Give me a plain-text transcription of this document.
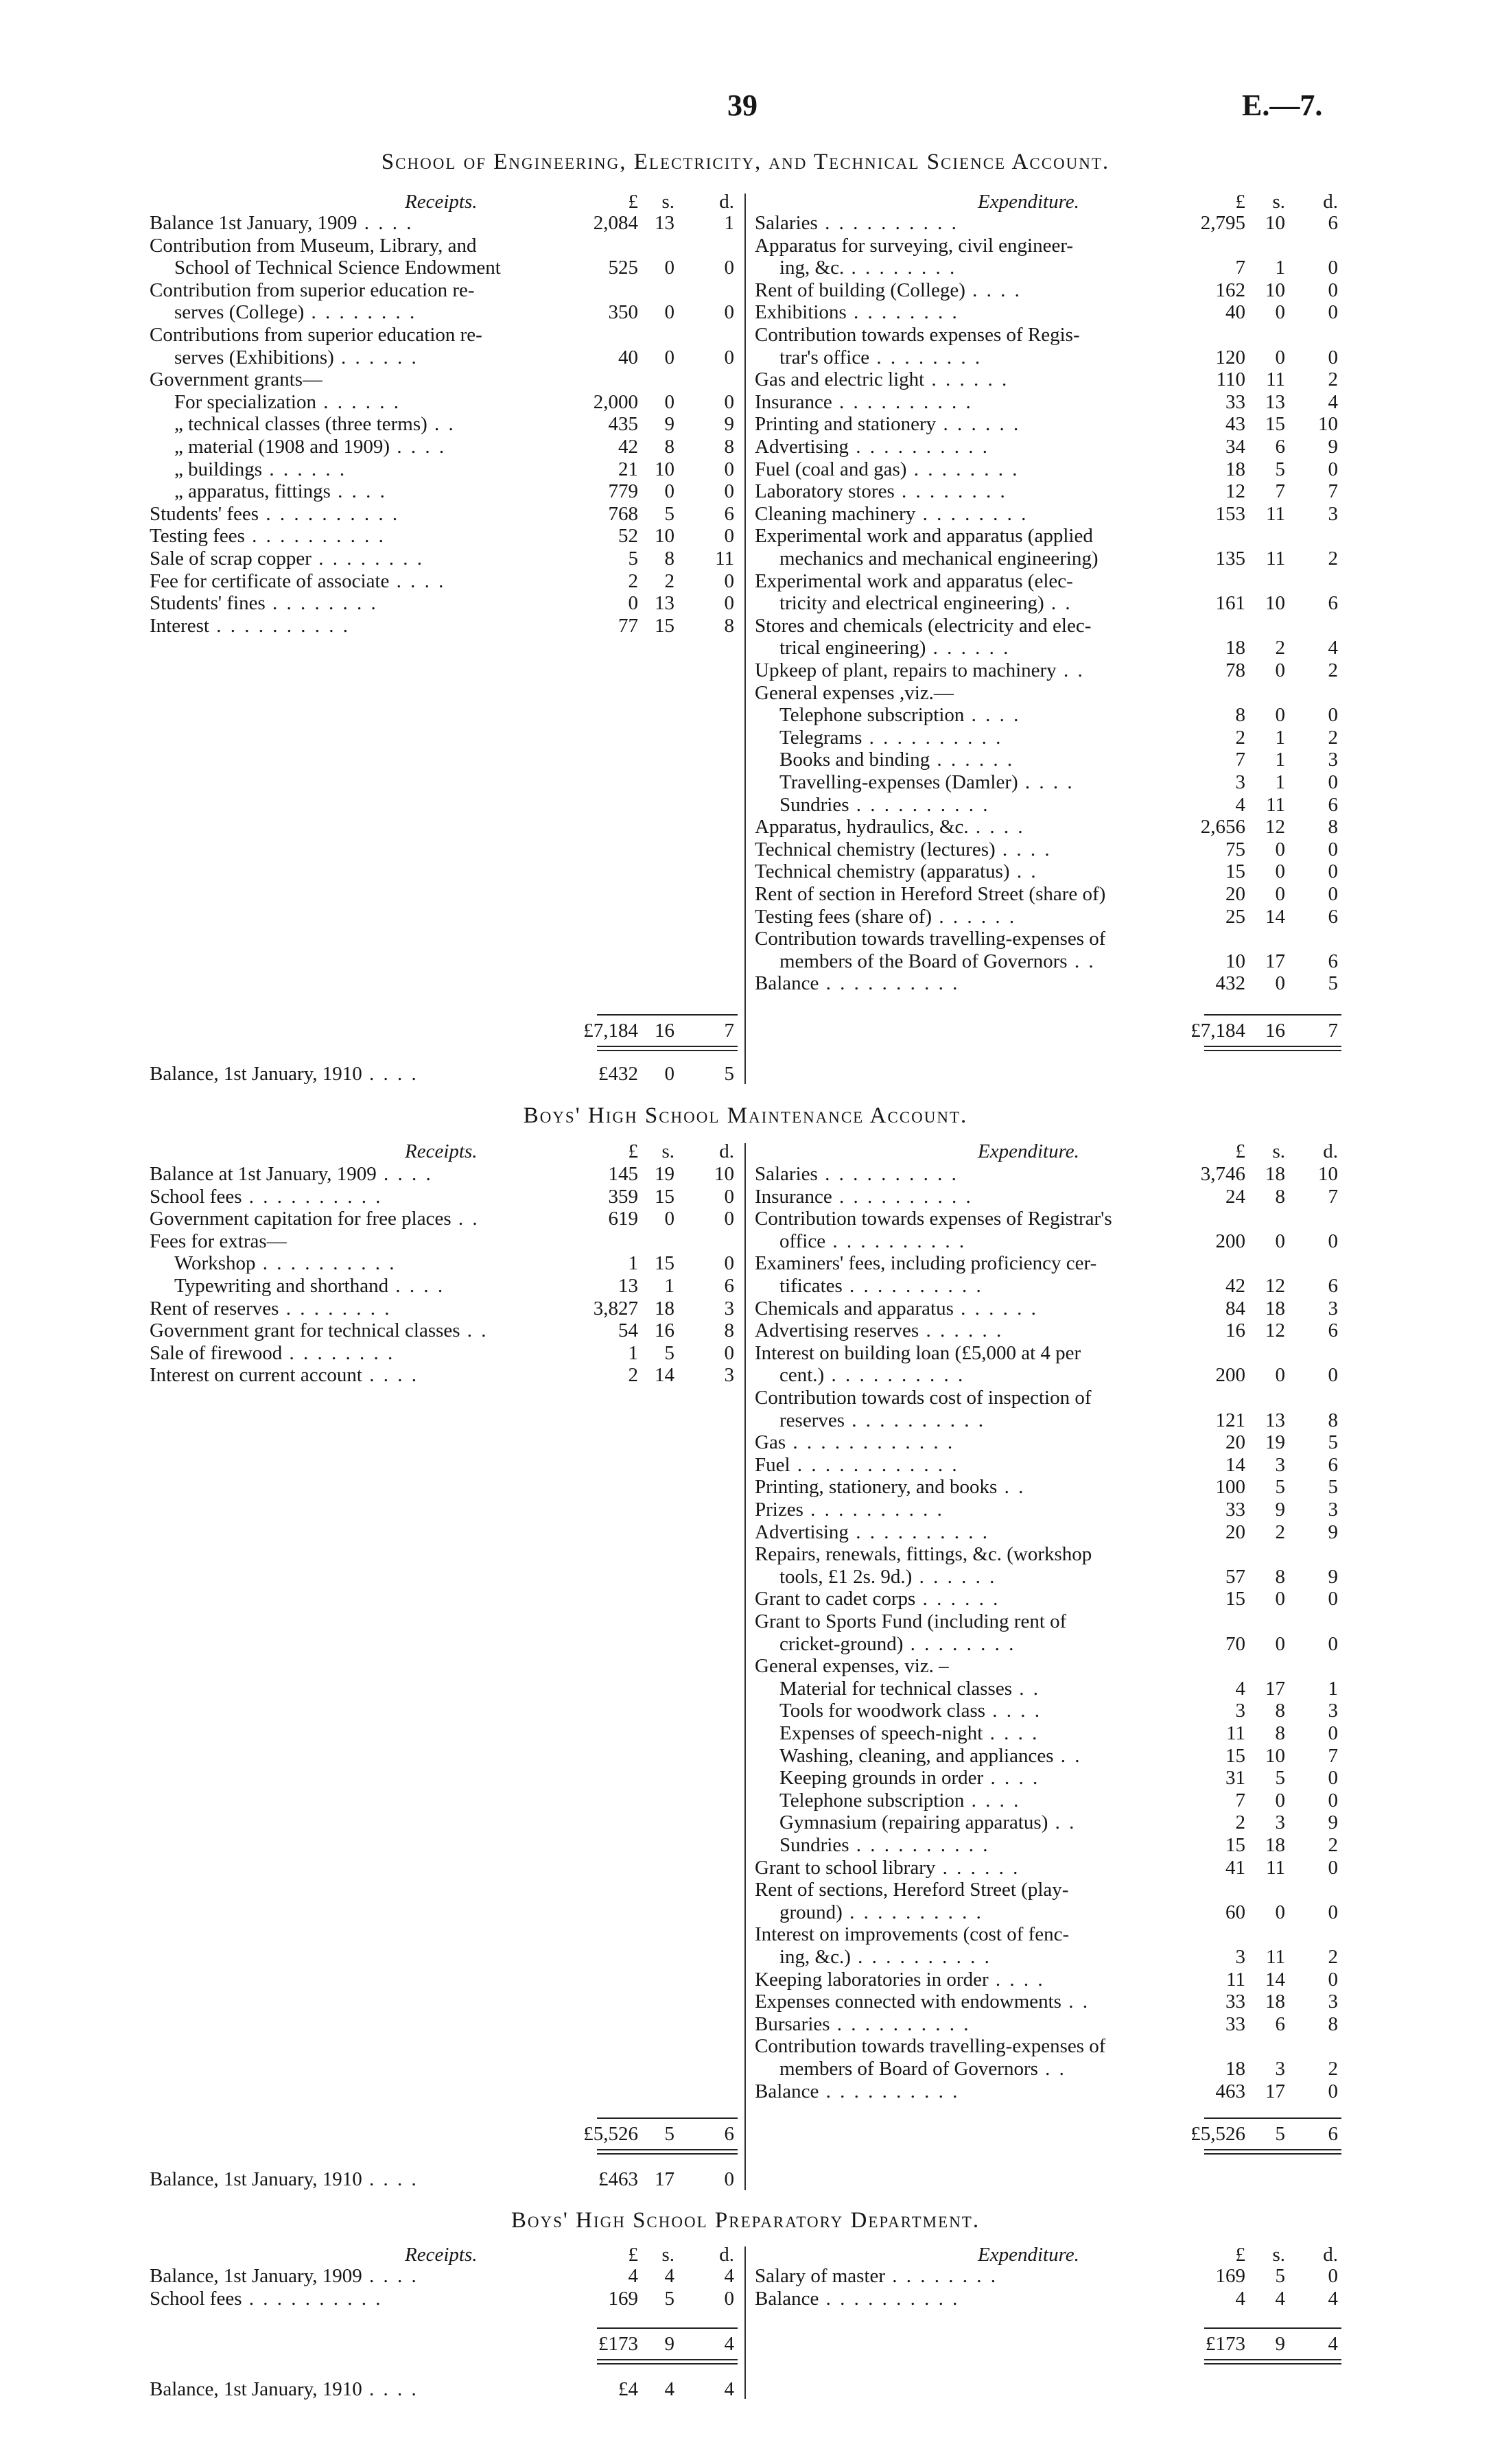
39	E.—7.
School of Engineering, Electricity, and Technical Science Account.
Receipts.	£ s. d.	Expenditure.	£ s. d.
Balance 1st January, 1909 . . . .	2,084 13	1
Contribution from Museum, Library, and
School of Technical Science Endowment	525 0	0
Contribution from superior education re-
serves (College) . . . . . . . .	350 0	0
Contributions from superior education re-
serves (Exhibitions) . . . . . .	40 0	0
Government grants—
For specialization . . . . . .	2,000 0	0
„ technical classes (three terms) . .	435 9	9
„ material (1908 and 1909) . . . .	42 8	8
„ buildings . . . . . .	21 10	0
„ apparatus, fittings . . . .	779 0	0
Students' fees . . . . . . . . . .	768 5	6
Testing fees . . . . . . . . . .	52 10	0
Sale of scrap copper . . . . . . . .	5 8 11
Fee for certificate of associate . . . .	2 2	0
Students' fines . . . . . . . .	0 13	0
Interest . . . . . . . . . .	77 15	8
Salaries . . . . . . . . . .	2,795 10 6
Apparatus for surveying, civil engineer-
ing, &c. . . . . . . . .	7 1 0
Rent of building (College) . . . .	162 10 0
Exhibitions . . . . . . . .	40 0 0
Contribution towards expenses of Regis-
trar's office . . . . . . . .	120 0 0
Gas and electric light . . . . . .	110 11 2
Insurance . . . . . . . . . .	33 13 4
Printing and stationery . . . . . .	43 15 10
Advertising . . . . . . . . . .	34 6 9
Fuel (coal and gas) . . . . . . . .	18 5 0
Laboratory stores . . . . . . . .	12 7 7
Cleaning machinery . . . . . . . .	153 11 3
Experimental work and apparatus (applied
mechanics and mechanical engineering)	135 11 2
Experimental work and apparatus (elec-
tricity and electrical engineering) . .	161 10 6
Stores and chemicals (electricity and elec-
trical engineering) . . . . . .	18 2 4
Upkeep of plant, repairs to machinery . .	78 0 2
General expenses ,viz.—
Telephone subscription . . . .	8 0 0
Telegrams . . . . . . . . . .	2 1 2
Books and binding . . . . . .	7 1 3
Travelling-expenses (Damler) . . . .	3 1 0
Sundries . . . . . . . . . .	4 11 6
Apparatus, hydraulics, &c. . . . .	2,656 12 8
Technical chemistry (lectures) . . . .	75 0 0
Technical chemistry (apparatus) . .	15 0 0
Rent of section in Hereford Street (share of)	20 0 0
Testing fees (share of) . . . . . .	25 14 6
Contribution towards travelling-expenses of
members of the Board of Governors . .	10 17 6
Balance . . . . . . . . . .	432 0 5
£7,184 16	7	£7,184 16 7
Balance, 1st January, 1910 . . . .	£432 0	5
Boys' High School Maintenance Account.
Receipts.	£ s. d.	Expenditure.	£ s. d.
Balance at 1st January, 1909 . . . .	145 19 10
School fees . . . . . . . . . .	359 15	0
Government capitation for free places . .	619 0	0
Fees for extras—
Workshop . . . . . . . . . .	1 15	0
Typewriting and shorthand . . . .	13 1	6
Rent of reserves . . . . . . . .	3,827 18	3
Government grant for technical classes . .	54 16	8
Sale of firewood . . . . . . . .	1 5	0
Interest on current account . . . .	2 14	3
Salaries . . . . . . . . . .	3,746 18 10
Insurance . . . . . . . . . .	24 8 7
Contribution towards expenses of Registrar's
office . . . . . . . . . .	200 0 0
Examiners' fees, including proficiency cer-
tificates . . . . . . . . . .	42 12 6
Chemicals and apparatus . . . . . .	84 18 3
Advertising reserves . . . . . .	16 12 6
Interest on building loan (£5,000 at 4 per
cent.) . . . . . . . . . .	200 0 0
Contribution towards cost of inspection of
reserves . . . . . . . . . .	121 13 8
Gas . . . . . . . . . . . .	20 19 5
Fuel . . . . . . . . . . . .	14 3 6
Printing, stationery, and books . .	100 5 5
Prizes . . . . . . . . . .	33 9 3
Advertising . . . . . . . . . .	20 2 9
Repairs, renewals, fittings, &c. (workshop
tools, £1 2s. 9d.) . . . . . .	57 8 9
Grant to cadet corps . . . . . .	15 0 0
Grant to Sports Fund (including rent of
cricket-ground) . . . . . . . .	70 0 0
General expenses, viz. –
Material for technical classes . .	4 17 1
Tools for woodwork class . . . .	3 8 3
Expenses of speech-night . . . .	11 8 0
Washing, cleaning, and appliances . .	15 10 7
Keeping grounds in order . . . .	31 5 0
Telephone subscription . . . .	7 0 0
Gymnasium (repairing apparatus) . .	2 3 9
Sundries . . . . . . . . . .	15 18 2
Grant to school library . . . . . .	41 11 0
Rent of sections, Hereford Street (play-
ground) . . . . . . . . . .	60 0 0
Interest on improvements (cost of fenc-
ing, &c.) . . . . . . . . . .	3 11 2
Keeping laboratories in order . . . .	11 14 0
Expenses connected with endowments . .	33 18 3
Bursaries . . . . . . . . . .	33 6 8
Contribution towards travelling-expenses of
members of Board of Governors . .	18 3 2
Balance . . . . . . . . . .	463 17 0
£5,526 5	6	£5,526 5 6
Balance, 1st January, 1910 . . . .	£463 17	0
Boys' High School Preparatory Department.
Receipts.	£ s. d.	Expenditure.	£ s. d.
Balance, 1st January, 1909 . . . .	4 4	4
School fees . . . . . . . . . .	169 5	0
Salary of master . . . . . . . .	169 5 0
Balance . . . . . . . . . .	4 4 4
£173 9	4	£173 9 4
Balance, 1st January, 1910 . . . .	£4 4	4
